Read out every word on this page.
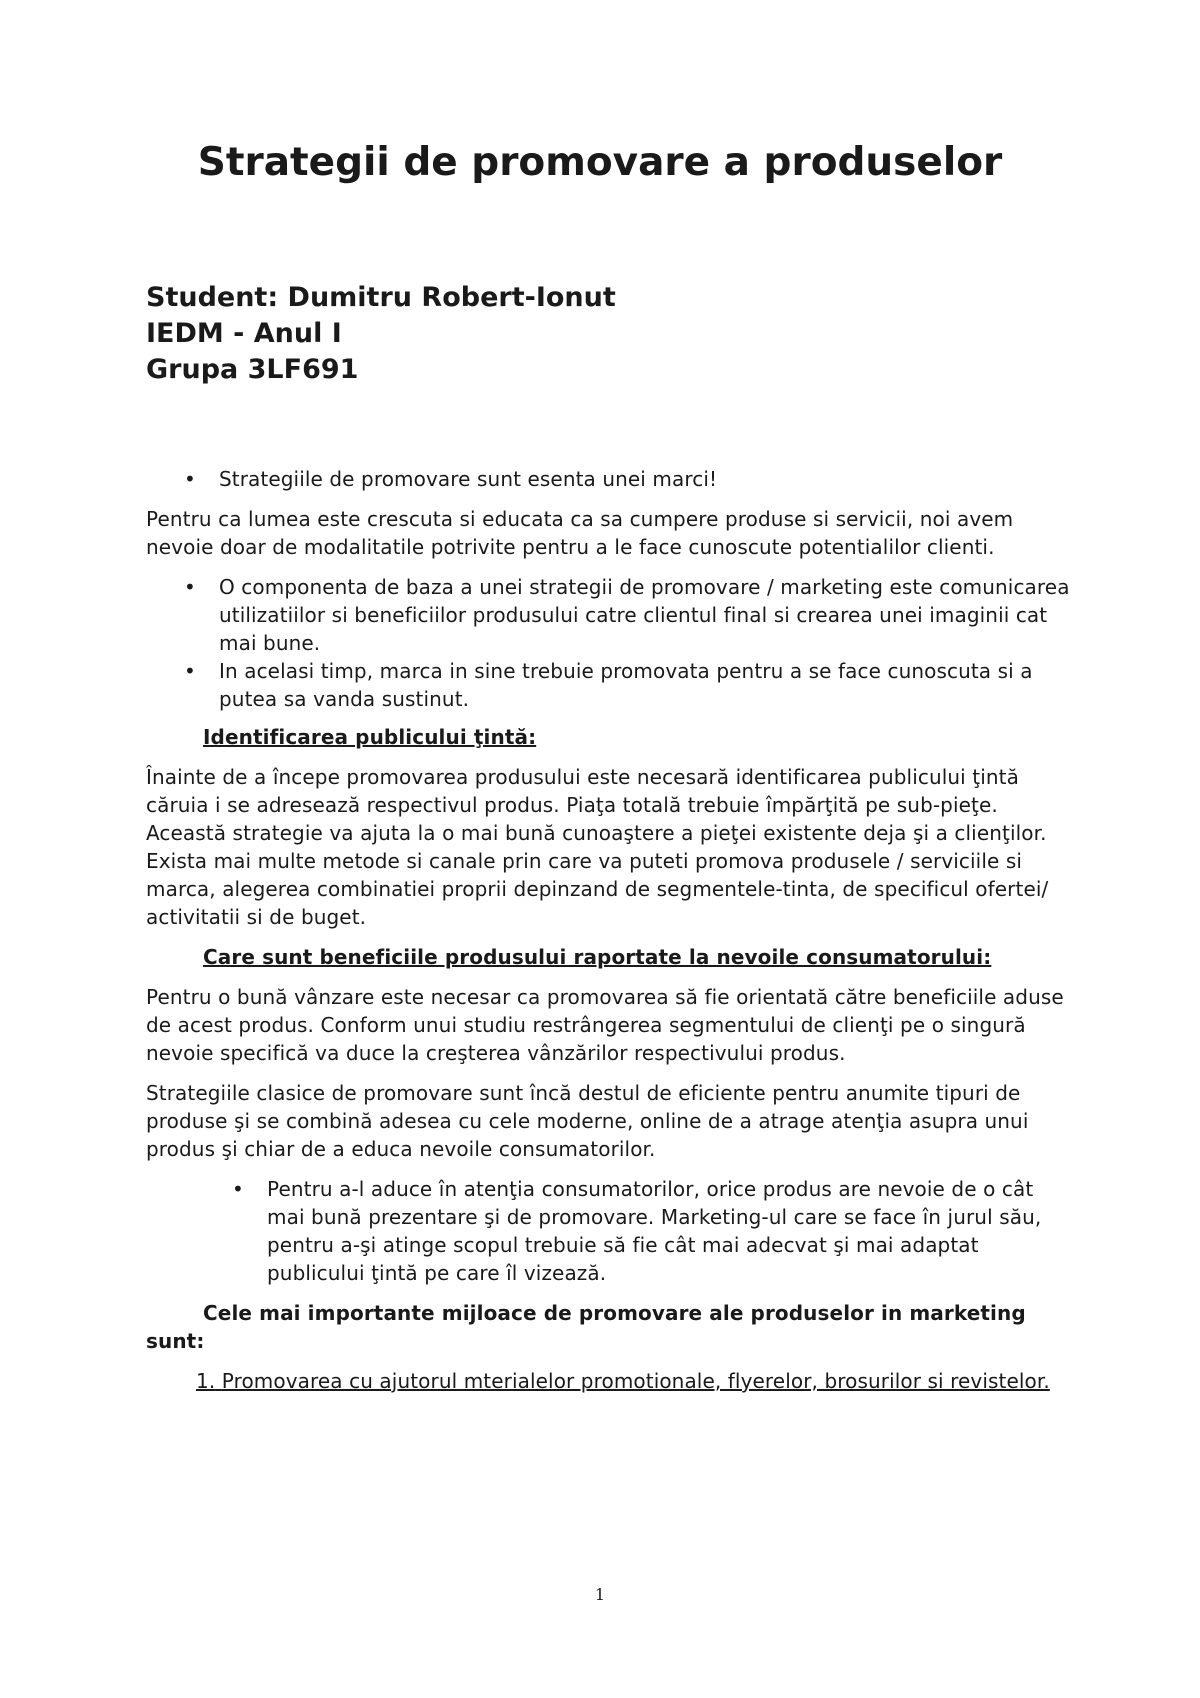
Strategii de promovare a produselor
Student: Dumitru Robert-Ionut
IEDM - Anul I
Grupa 3LF691
• Strategiile de promovare sunt esenta unei marci!

Pentru ca lumea este crescuta si educata ca sa cumpere produse si servicii, noi avem nevoie doar de modalitatile potrivite pentru a le face cunoscute potentialilor clienti.

• O componenta de baza a unei strategii de promovare / marketing este comunicarea utilizatiilor si beneficiilor produsului catre clientul final si crearea unei imaginii cat mai bune.
• In acelasi timp, marca in sine trebuie promovata pentru a se face cunoscuta si a putea sa vanda sustinut.

Identificarea publicului ţintă:

Înainte de a începe promovarea produsului este necesară identificarea publicului ţintă căruia i se adresează respectivul produs. Piaţa totală trebuie împărţită pe sub-pieţe. Această strategie va ajuta la o mai bună cunoaştere a pieţei existente deja şi a clienţilor. Exista mai multe metode si canale prin care va puteti promova produsele / serviciile si marca, alegerea combinatiei proprii depinzand de segmentele-tinta, de specificul ofertei/ activitatii si de buget.

Care sunt beneficiile produsului raportate la nevoile consumatorului:

Pentru o bună vânzare este necesar ca promovarea să fie orientată către beneficiile aduse de acest produs. Conform unui studiu restrângerea segmentului de clienţi pe o singură nevoie specifică va duce la creşterea vânzărilor respectivului produs.

Strategiile clasice de promovare sunt încă destul de eficiente pentru anumite tipuri de produse şi se combină adesea cu cele moderne, online de a atrage atenţia asupra unui produs şi chiar de a educa nevoile consumatorilor.

• Pentru a-l aduce în atenţia consumatorilor, orice produs are nevoie de o cât mai bună prezentare şi de promovare. Marketing-ul care se face în jurul său, pentru a-şi atinge scopul trebuie să fie cât mai adecvat şi mai adaptat publicului ţintă pe care îl vizează.

Cele mai importante mijloace de promovare ale produselor in marketing sunt:

1. Promovarea cu ajutorul mterialelor promotionale, flyerelor, brosurilor si revistelor.

1
